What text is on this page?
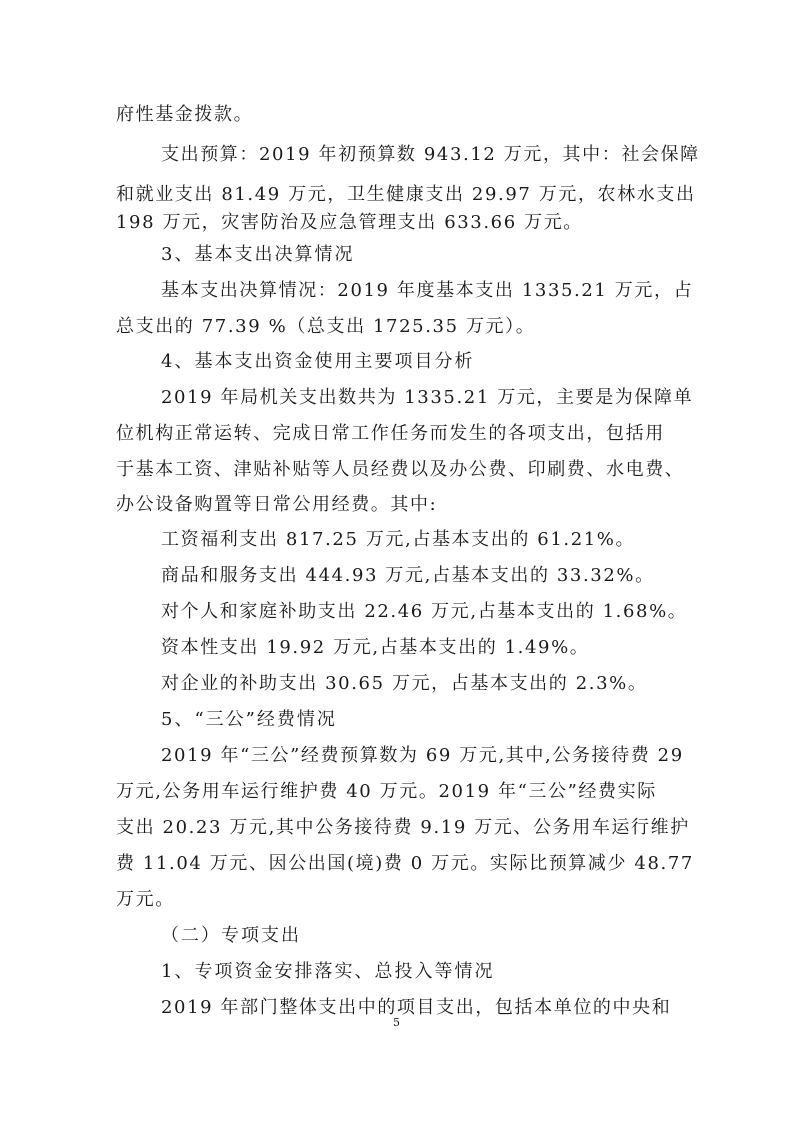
府性基金拨款。
支出预算：2019 年初预算数 943.12 万元，其中：社会保障
和就业支出 81.49 万元，卫生健康支出 29.97 万元，农林水支出
198 万元，灾害防治及应急管理支出 633.66 万元。
3、基本支出决算情况
基本支出决算情况：2019 年度基本支出 1335.21 万元，占
总支出的 77.39 %（总支出 1725.35 万元）。
4、基本支出资金使用主要项目分析
2019 年局机关支出数共为 1335.21 万元，主要是为保障单
位机构正常运转、完成日常工作任务而发生的各项支出，包括用
于基本工资、津贴补贴等人员经费以及办公费、印刷费、水电费、
办公设备购置等日常公用经费。其中:
工资福利支出 817.25 万元,占基本支出的 61.21%。
商品和服务支出 444.93 万元,占基本支出的 33.32%。
对个人和家庭补助支出 22.46 万元,占基本支出的 1.68%。
资本性支出 19.92 万元,占基本支出的 1.49%。
对企业的补助支出 30.65 万元，占基本支出的 2.3%。
5、“三公”经费情况
2019 年“三公”经费预算数为 69 万元,其中,公务接待费 29
万元,公务用车运行维护费 40 万元。2019 年“三公”经费实际
支出 20.23 万元,其中公务接待费 9.19 万元、公务用车运行维护
费 11.04 万元、因公出国(境)费 0 万元。实际比预算减少 48.77
万元。
（二）专项支出
1、专项资金安排落实、总投入等情况
2019 年部门整体支出中的项目支出，包括本单位的中央和
5
